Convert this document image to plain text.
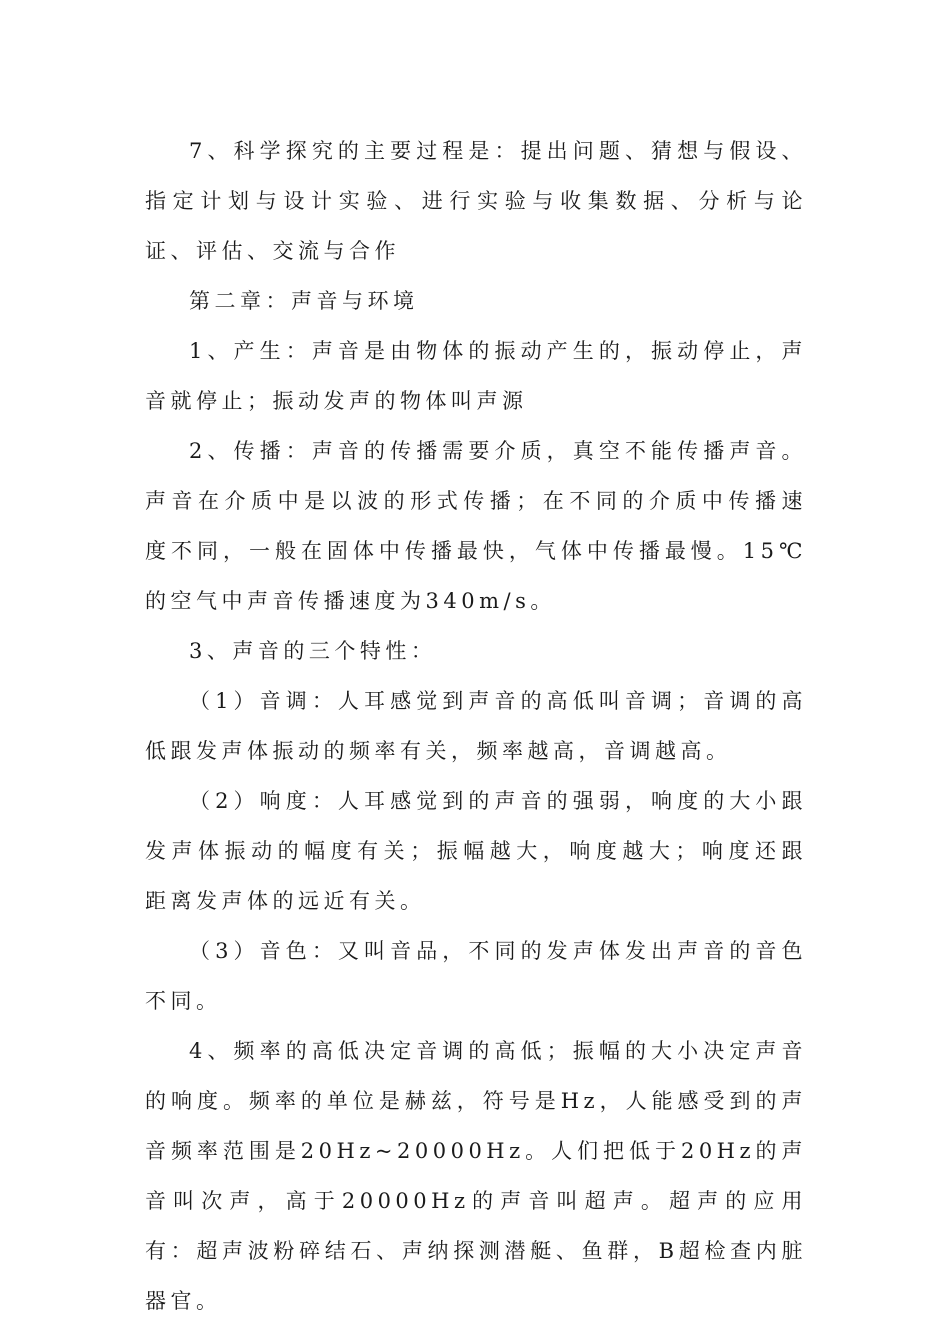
7、科学探究的主要过程是：提出问题、猜想与假设、指定计划与设计实验、进行实验与收集数据、分析与论证、评估、交流与合作

第二章：声音与环境

1、产生：声音是由物体的振动产生的，振动停止，声音就停止；振动发声的物体叫声源

2、传播：声音的传播需要介质，真空不能传播声音。声音在介质中是以波的形式传播；在不同的介质中传播速度不同，一般在固体中传播最快，气体中传播最慢。15℃的空气中声音传播速度为340m/s。

3、声音的三个特性：

（1）音调：人耳感觉到声音的高低叫音调；音调的高低跟发声体振动的频率有关，频率越高，音调越高。

（2）响度：人耳感觉到的声音的强弱，响度的大小跟发声体振动的幅度有关；振幅越大，响度越大；响度还跟距离发声体的远近有关。

（3）音色：又叫音品，不同的发声体发出声音的音色不同。

4、频率的高低决定音调的高低；振幅的大小决定声音的响度。频率的单位是赫兹，符号是Hz，人能感受到的声音频率范围是20Hz~20000Hz。人们把低于20Hz的声音叫次声，高于20000Hz的声音叫超声。超声的应用有：超声波粉碎结石、声纳探测潜艇、鱼群，B超检查内脏器官。
